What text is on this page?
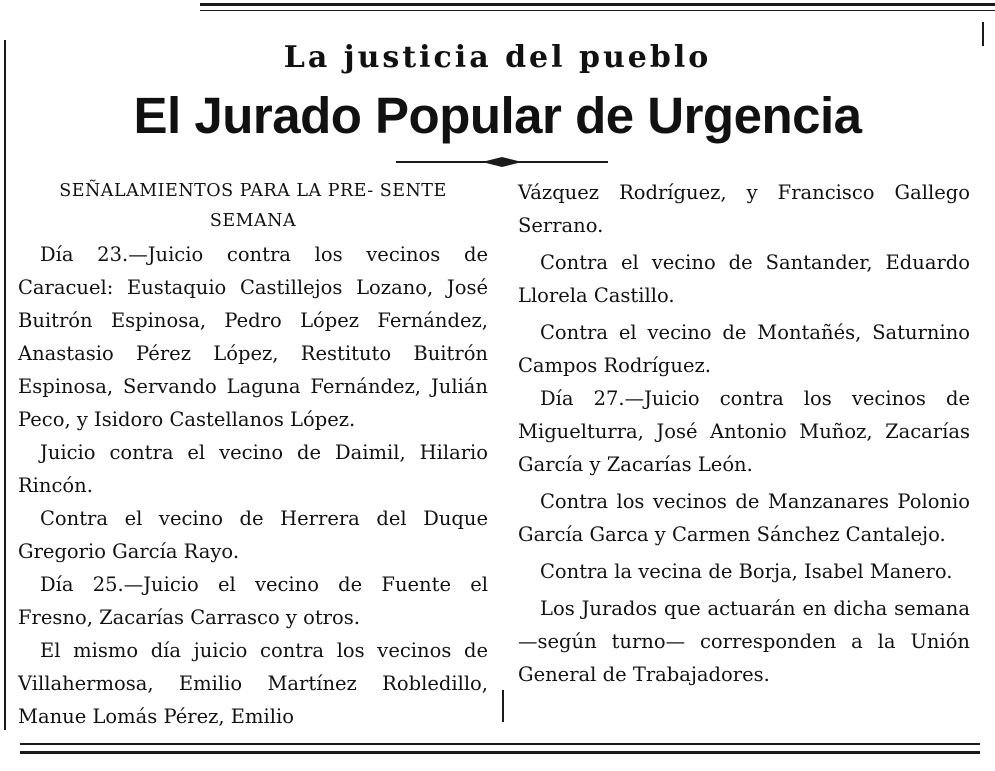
La justicia del pueblo
El Jurado Popular de Urgencia

SEÑALAMIENTOS PARA LA PRE- SENTE SEMANA

Día 23.—Juicio contra los vecinos de Caracuel: Eustaquio Castillejos Lozano, José Buitrón Espinosa, Pedro López Fernández, Anastasio Pérez López, Restituto Buitrón Espinosa, Servando Laguna Fernández, Julián Peco, y Isidoro Castellanos López.

Juicio contra el vecino de Daimil, Hilario Rincón.

Contra el vecino de Herrera del Duque Gregorio García Rayo.

Día 25.—Juicio el vecino de Fuente el Fresno, Zacarías Carrasco y otros.

El mismo día juicio contra los vecinos de Villahermosa, Emilio Martínez Robledillo, Manue Lomás Pérez, Emilio

Vázquez Rodríguez, y Francisco Gallego Serrano.

Contra el vecino de Santander, Eduardo Llorela Castillo.

Contra el vecino de Montañés, Saturnino Campos Rodríguez.

Día 27.—Juicio contra los vecinos de Miguelturra, José Antonio Muñoz, Zacarías García y Zacarías León.

Contra los vecinos de Manzanares Polonio García Garca y Carmen Sánchez Cantalejo.

Contra la vecina de Borja, Isabel Manero.

Los Jurados que actuarán en dicha semana—según turno— corresponden a la Unión General de Trabajadores.
